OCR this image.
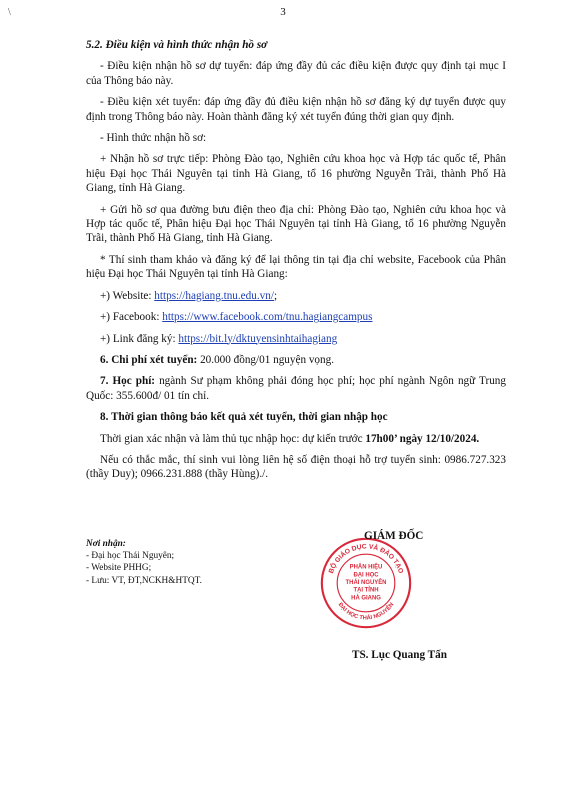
\	3

5.2. Điều kiện và hình thức nhận hồ sơ

- Điều kiện nhận hồ sơ dự tuyển: đáp ứng đầy đủ các điều kiện được quy định tại mục I của Thông báo này.

- Điều kiện xét tuyển: đáp ứng đầy đủ điều kiện nhận hồ sơ đăng ký dự tuyển được quy định trong Thông báo này. Hoàn thành đăng ký xét tuyển đúng thời gian quy định.

- Hình thức nhận hồ sơ:

+ Nhận hồ sơ trực tiếp: Phòng Đào tạo, Nghiên cứu khoa học và Hợp tác quốc tế, Phân hiệu Đại học Thái Nguyên tại tỉnh Hà Giang, tổ 16 phường Nguyễn Trãi, thành Phố Hà Giang, tỉnh Hà Giang.

+ Gửi hồ sơ qua đường bưu điện theo địa chỉ: Phòng Đào tạo, Nghiên cứu khoa học và Hợp tác quốc tế, Phân hiệu Đại học Thái Nguyên tại tỉnh Hà Giang, tổ 16 phường Nguyễn Trãi, thành Phố Hà Giang, tỉnh Hà Giang.

* Thí sinh tham khảo và đăng ký để lại thông tin tại địa chỉ website, Facebook của Phân hiệu Đại học Thái Nguyên tại tỉnh Hà Giang:

+) Website: https://hagiang.tnu.edu.vn/;

+) Facebook: https://www.facebook.com/tnu.hagiangcampus

+) Link đăng ký: https://bit.ly/dktuyensinhtaihagiang

6. Chi phí xét tuyển: 20.000 đồng/01 nguyện vọng.

7. Học phí: ngành Sư phạm không phải đóng học phí; học phí ngành Ngôn ngữ Trung Quốc: 355.600đ/ 01 tín chỉ.

8. Thời gian thông báo kết quả xét tuyển, thời gian nhập học

Thời gian xác nhận và làm thủ tục nhập học: dự kiến trước 17h00’ ngày 12/10/2024.

Nếu có thắc mắc, thí sinh vui lòng liên hệ số điện thoại hỗ trợ tuyển sinh: 0986.727.323 (thầy Duy); 0966.231.888 (thầy Hùng)./.

Nơi nhận:
- Đại học Thái Nguyên;
- Website PHHG;
- Lưu: VT, ĐT,NCKH&HTQT.
BỘ GIÁO DỤC VÀ ĐÀO TẠO
ĐẠI HỌC THÁI NGUYÊN
PHÂN HIỆU
ĐẠI HỌC
THÁI NGUYÊN
TẠI TỈNH
HÀ GIANG
GIÁM ĐỐC
TS. Lục Quang Tấn
